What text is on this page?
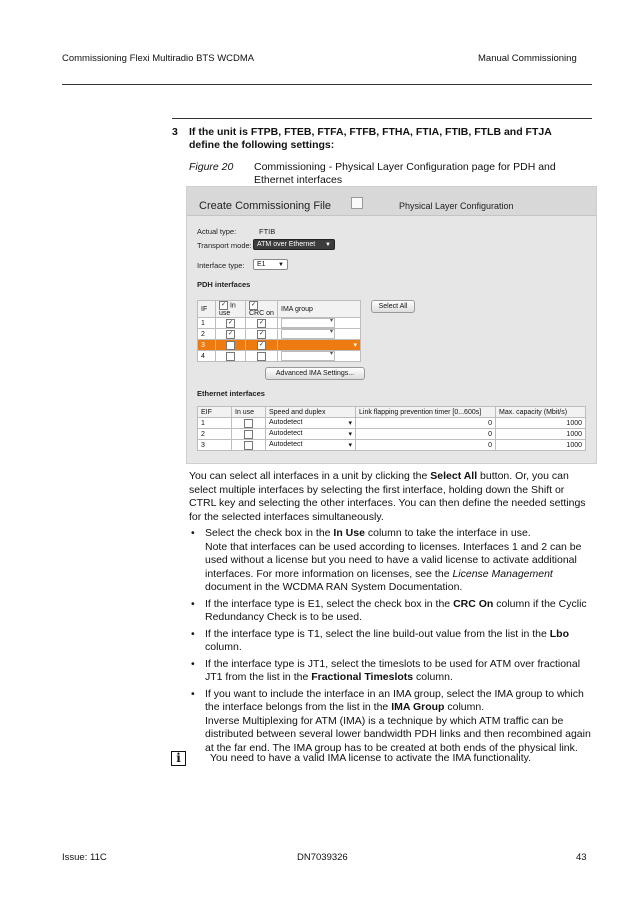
Commissioning Flexi Multiradio BTS WCDMA	Manual Commissioning
3 If the unit is FTPB, FTEB, FTFA, FTFB, FTHA, FTIA, FTIB, FTLB and FTJA define the following settings:
Figure 20 Commissioning - Physical Layer Configuration page for PDH and Ethernet interfaces
Create Commissioning File	Physical Layer Configuration
Actual type:	FTIB
Transport mode: ATM over Ethernet ▼
Interface type:	E1 ▼
PDH interfaces
IF	✓ In use	✓ CRC on	IMA group
1	✓	✓	▾
2	✓	✓	▾
3		✓	▾
4			▾
Select All
Advanced IMA Settings...
Ethernet interfaces
EIF	In use	Speed and duplex	Link flapping prevention timer [0...600s]	Max. capacity (Mbit/s)
1		Autodetect ▾	0	1000
2		Autodetect ▾	0	1000
3		Autodetect ▾	0	1000
You can select all interfaces in a unit by clicking the Select All button. Or, you can select multiple interfaces by selecting the first interface, holding down the Shift or CTRL key and selecting the other interfaces. You can then define the needed settings for the selected interfaces simultaneously.
• Select the check box in the In Use column to take the interface in use.
Note that interfaces can be used according to licenses. Interfaces 1 and 2 can be used without a license but you need to have a valid license to activate additional interfaces. For more information on licenses, see the License Management document in the WCDMA RAN System Documentation.
• If the interface type is E1, select the check box in the CRC On column if the Cyclic Redundancy Check is to be used.
• If the interface type is T1, select the line build-out value from the list in the Lbo column.
• If the interface type is JT1, select the timeslots to be used for ATM over fractional JT1 from the list in the Fractional Timeslots column.
• If you want to include the interface in an IMA group, select the IMA group to which the interface belongs from the list in the IMA Group column.
Inverse Multiplexing for ATM (IMA) is a technique by which ATM traffic can be distributed between several lower bandwidth PDH links and then recombined again at the far end. The IMA group has to be created at both ends of the physical link.
i	You need to have a valid IMA license to activate the IMA functionality.
Issue: 11C	DN7039326	43
